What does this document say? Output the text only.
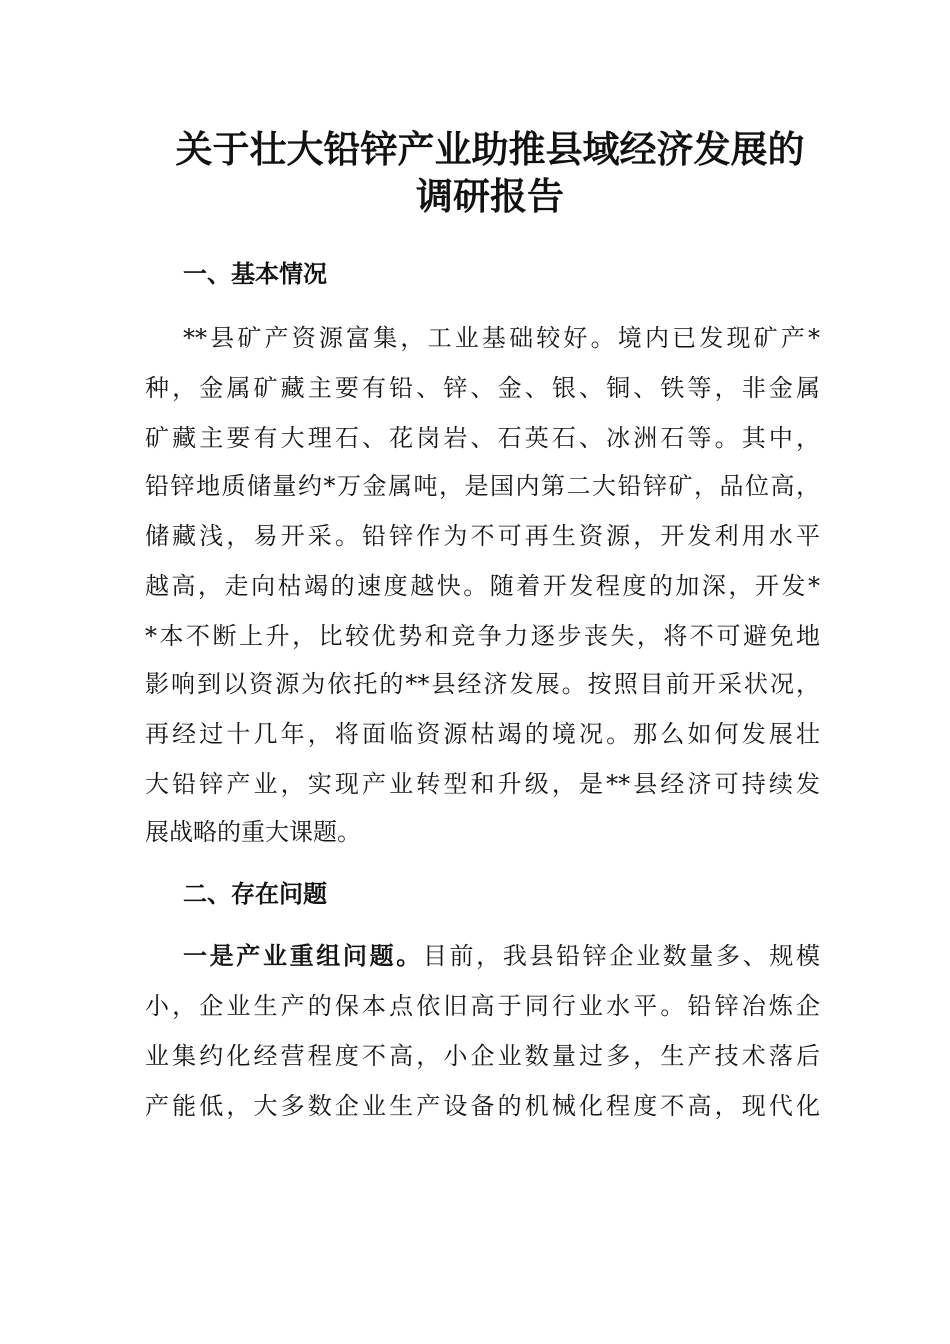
关于壮大铅锌产业助推县域经济发展的
调研报告
一、基本情况

**县矿产资源富集，工业基础较好。境内已发现矿产*

种，金属矿藏主要有铅、锌、金、银、铜、铁等，非金属

矿藏主要有大理石、花岗岩、石英石、冰洲石等。其中，

铅锌地质储量约*万金属吨，是国内第二大铅锌矿，品位高，

储藏浅，易开采。铅锌作为不可再生资源，开发利用水平

越高，走向枯竭的速度越快。随着开发程度的加深，开发*

*本不断上升，比较优势和竞争力逐步丧失，将不可避免地

影响到以资源为依托的**县经济发展。按照目前开采状况，

再经过十几年，将面临资源枯竭的境况。那么如何发展壮

大铅锌产业，实现产业转型和升级，是**县经济可持续发

展战略的重大课题。

二、存在问题

一是产业重组问题。目前，我县铅锌企业数量多、规模

小，企业生产的保本点依旧高于同行业水平。铅锌冶炼企

业集约化经营程度不高，小企业数量过多，生产技术落后

产能低，大多数企业生产设备的机械化程度不高，现代化
